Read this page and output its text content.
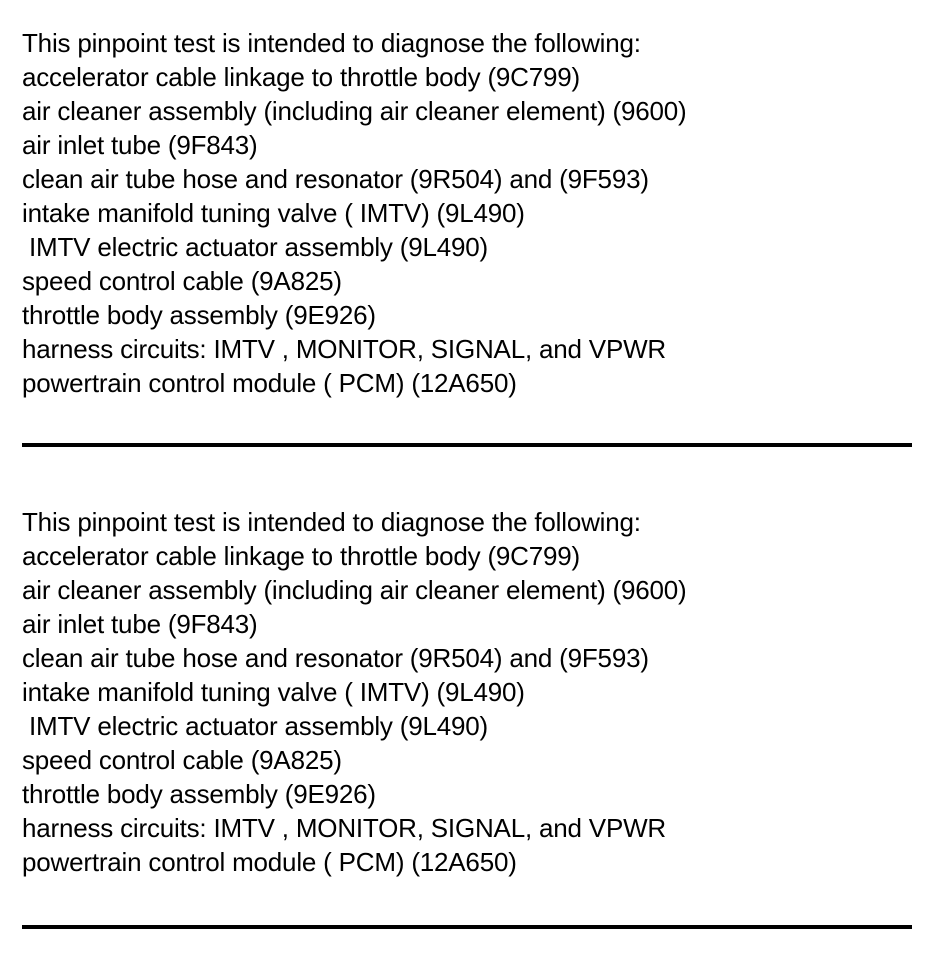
This pinpoint test is intended to diagnose the following:
accelerator cable linkage to throttle body (9C799)
air cleaner assembly (including air cleaner element) (9600)
air inlet tube (9F843)
clean air tube hose and resonator (9R504) and (9F593)
intake manifold tuning valve ( IMTV) (9L490)
IMTV electric actuator assembly (9L490)
speed control cable (9A825)
throttle body assembly (9E926)
harness circuits: IMTV , MONITOR, SIGNAL, and VPWR
powertrain control module ( PCM) (12A650)
This pinpoint test is intended to diagnose the following:
accelerator cable linkage to throttle body (9C799)
air cleaner assembly (including air cleaner element) (9600)
air inlet tube (9F843)
clean air tube hose and resonator (9R504) and (9F593)
intake manifold tuning valve ( IMTV) (9L490)
IMTV electric actuator assembly (9L490)
speed control cable (9A825)
throttle body assembly (9E926)
harness circuits: IMTV , MONITOR, SIGNAL, and VPWR
powertrain control module ( PCM) (12A650)
